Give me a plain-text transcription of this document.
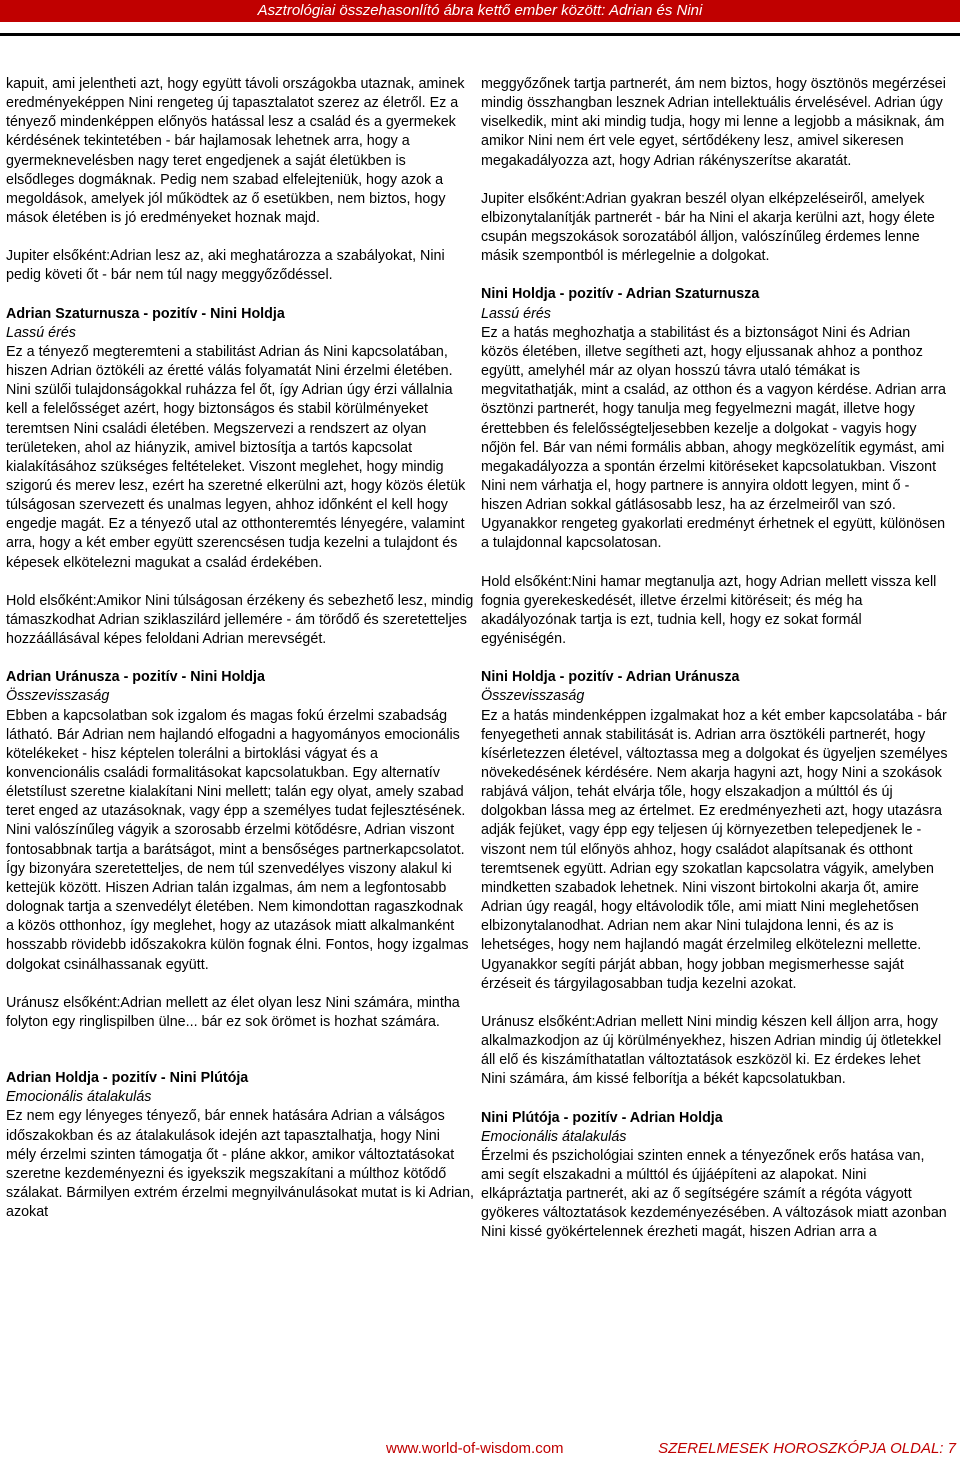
Asztrológiai összehasonlító ábra kettő ember között: Adrian és Nini

kapuit, ami jelentheti azt, hogy együtt távoli országokba utaznak, aminek eredményeképpen Nini rengeteg új tapasztalatot szerez az életről. Ez a tényező mindenképpen előnyös hatással lesz a család és a gyermekek kérdésének tekintetében - bár hajlamosak lehetnek arra, hogy a gyermeknevelésben nagy teret engedjenek a saját életükben is elsődleges dogmáknak. Pedig nem szabad elfelejteniük, hogy azok a megoldások, amelyek jól működtek az ő esetükben, nem biztos, hogy mások életében is jó eredményeket hoznak majd.

Jupiter elsőként:Adrian lesz az, aki meghatározza a szabályokat, Nini pedig követi őt - bár nem túl nagy meggyőződéssel.

Adrian Szaturnusza - pozitív - Nini Holdja
Lassú érés
Ez a tényező megteremteni a stabilitást Adrian ás Nini kapcsolatában, hiszen Adrian öztökéli az éretté válás folyamatát Nini érzelmi életében. Nini szülői tulajdonságokkal ruházza fel őt, így Adrian úgy érzi vállalnia kell a felelősséget azért, hogy biztonságos és stabil körülményeket teremtsen Nini családi életében. Megszervezi a rendszert az olyan területeken, ahol az hiányzik, amivel biztosítja a tartós kapcsolat kialakításához szükséges feltételeket. Viszont meglehet, hogy mindig szigorú és merev lesz, ezért ha szeretné elkerülni azt, hogy közös életük túlságosan szervezett és unalmas legyen, ahhoz időnként el kell hogy engedje magát. Ez a tényező utal az otthonteremtés lényegére, valamint arra, hogy a két ember együtt szerencsésen tudja kezelni a tulajdont és képesek elkötelezni magukat a család érdekében.

Hold elsőként:Amikor Nini túlságosan érzékeny és sebezhető lesz, mindig támaszkodhat Adrian sziklaszilárd jellemére - ám törődő és szeretetteljes hozzáállásával képes feloldani Adrian merevségét.

Adrian Uránusza - pozitív - Nini Holdja
Összevisszaság
Ebben a kapcsolatban sok izgalom és magas fokú érzelmi szabadság látható. Bár Adrian nem hajlandó elfogadni a hagyományos emocionális kötelékeket - hisz képtelen tolerálni a birtoklási vágyat és a konvencionális családi formalitásokat kapcsolatukban. Egy alternatív életstílust szeretne kialakítani Nini mellett; talán egy olyat, amely szabad teret enged az utazásoknak, vagy épp a személyes tudat fejlesztésének. Nini valószínűleg vágyik a szorosabb érzelmi kötődésre, Adrian viszont fontosabbnak tartja a barátságot, mint a bensőséges partnerkapcsolatot. Így bizonyára szeretetteljes, de nem túl szenvedélyes viszony alakul ki kettejük között. Hiszen Adrian talán izgalmas, ám nem a legfontosabb dolognak tartja a szenvedélyt életében. Nem kimondottan ragaszkodnak a közös otthonhoz, így meglehet, hogy az utazások miatt alkalmanként hosszabb rövidebb időszakokra külön fognak élni. Fontos, hogy izgalmas dolgokat csinálhassanak együtt.

Uránusz elsőként:Adrian mellett az élet olyan lesz Nini számára, mintha folyton egy ringlispilben ülne... bár ez sok örömet is hozhat számára.

Adrian Holdja - pozitív - Nini Plútója
Emocionális átalakulás
Ez nem egy lényeges tényező, bár ennek hatására Adrian a válságos időszakokban és az átalakulások idején azt tapasztalhatja, hogy Nini mély érzelmi szinten támogatja őt - pláne akkor, amikor változtatásokat szeretne kezdeményezni és igyekszik megszakítani a múlthoz kötődő szálakat. Bármilyen extrém érzelmi megnyilvánulásokat mutat is ki Adrian, azokat

meggyőzőnek tartja partnerét, ám nem biztos, hogy ösztönös megérzései mindig összhangban lesznek Adrian intellektuális érvelésével. Adrian úgy viselkedik, mint aki mindig tudja, hogy mi lenne a legjobb a másiknak, ám amikor Nini nem ért vele egyet, sértődékeny lesz, amivel sikeresen megakadályozza azt, hogy Adrian rákényszerítse akaratát.

Jupiter elsőként:Adrian gyakran beszél olyan elképzeléseiről, amelyek elbizonytalanítják partnerét - bár ha Nini el akarja kerülni azt, hogy élete csupán megszokások sorozatából álljon, valószínűleg érdemes lenne másik szempontból is mérlegelnie a dolgokat.

Nini Holdja - pozitív - Adrian Szaturnusza
Lassú érés
Ez a hatás meghozhatja a stabilitást és a biztonságot Nini és Adrian közös életében, illetve segítheti azt, hogy eljussanak ahhoz a ponthoz együtt, amelyhél már az olyan hosszú távra utaló témákat is megvitathatják, mint a család, az otthon és a vagyon kérdése. Adrian arra ösztönzi partnerét, hogy tanulja meg fegyelmezni magát, illetve hogy érettebben és felelősségteljesebben kezelje a dolgokat - vagyis hogy nőjön fel. Bár van némi formális abban, ahogy megközelítik egymást, ami megakadályozza a spontán érzelmi kitöréseket kapcsolatukban. Viszont Nini nem várhatja el, hogy partnere is annyira oldott legyen, mint ő - hiszen Adrian sokkal gátlásosabb lesz, ha az érzelmeiről van szó. Ugyanakkor rengeteg gyakorlati eredményt érhetnek el együtt, különösen a tulajdonnal kapcsolatosan.

Hold elsőként:Nini hamar megtanulja azt, hogy Adrian mellett vissza kell fognia gyerekeskedését, illetve érzelmi kitöréseit; és még ha akadályozónak tartja is ezt, tudnia kell, hogy ez sokat formál egyéniségén.

Nini Holdja - pozitív - Adrian Uránusza
Összevisszaság
Ez a hatás mindenképpen izgalmakat hoz a két ember kapcsolatába - bár fenyegetheti annak stabilitását is. Adrian arra ösztökéli partnerét, hogy kísérletezzen életével, változtassa meg a dolgokat és ügyeljen személyes növekedésének kérdésére. Nem akarja hagyni azt, hogy Nini a szokások rabjává váljon, tehát elvárja tőle, hogy elszakadjon a múlttól és új dolgokban lássa meg az értelmet. Ez eredményezheti azt, hogy utazásra adják fejüket, vagy épp egy teljesen új környezetben telepedjenek le - viszont nem túl előnyös ahhoz, hogy családot alapítsanak és otthont teremtsenek együtt. Adrian egy szokatlan kapcsolatra vágyik, amelyben mindketten szabadok lehetnek. Nini viszont birtokolni akarja őt, amire Adrian úgy reagál, hogy eltávolodik tőle, ami miatt Nini meglehetősen elbizonytalanodhat. Adrian nem akar Nini tulajdona lenni, és az is lehetséges, hogy nem hajlandó magát érzelmileg elkötelezni mellette. Ugyanakkor segíti párját abban, hogy jobban megismerhesse saját érzéseit és tárgyilagosabban tudja kezelni azokat.

Uránusz elsőként:Adrian mellett Nini mindig készen kell álljon arra, hogy alkalmazkodjon az új körülményekhez, hiszen Adrian mindig új ötletekkel áll elő és kiszámíthatatlan változtatások eszközöl ki. Ez érdekes lehet Nini számára, ám kissé felborítja a békét kapcsolatukban.

Nini Plútója - pozitív - Adrian Holdja
Emocionális átalakulás
Érzelmi és pszichológiai szinten ennek a tényezőnek erős hatása van, ami segít elszakadni a múlttól és újjáépíteni az alapokat. Nini elkápráztatja partnerét, aki az ő segítségére számít a régóta vágyott gyökeres változtatások kezdeményezésében. A változások miatt azonban Nini kissé gyökértelennek érezheti magát, hiszen Adrian arra a
www.world-of-wisdom.com	SZERELMESEK HOROSZKÓPJA OLDAL: 7
